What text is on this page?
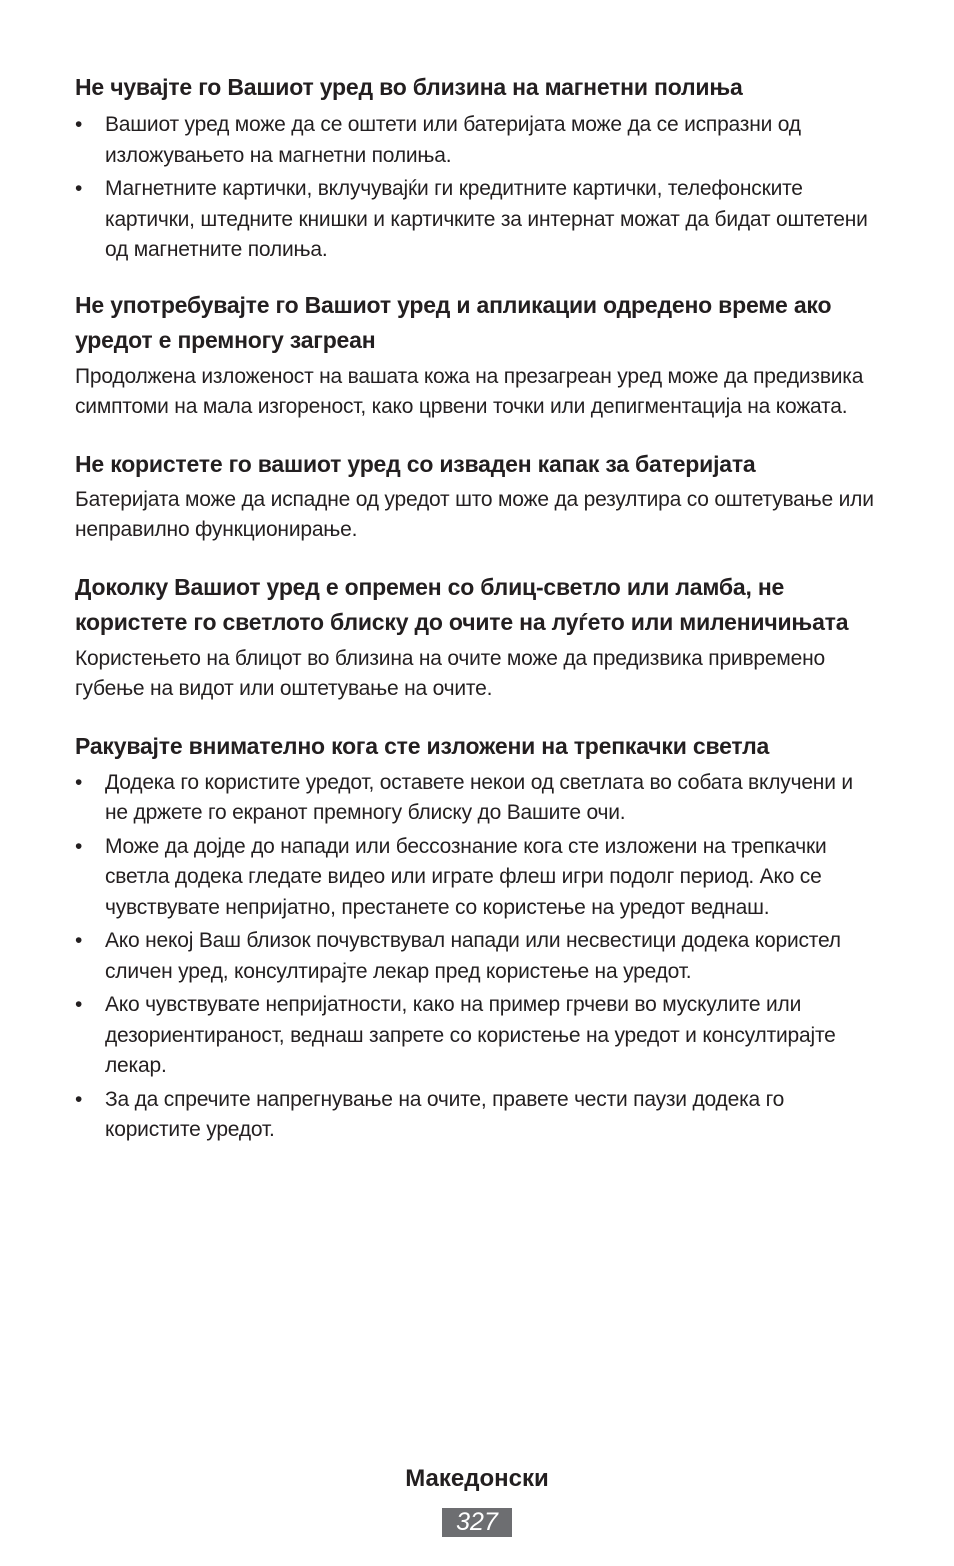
Не чувајте го Вашиот уред во близина на магнетни полиња
• Вашиот уред може да се оштети или батеријата може да се испразни од изложувањето на магнетни полиња.
• Магнетните картички, вклучувајќи ги кредитните картички, телефонските картички, штедните книшки и картичките за интернат можат да бидат оштетени од магнетните полиња.
Не употребувајте го Вашиот уред и апликации одредено време ако уредот е премногу загреан

Продолжена изложеност на вашата кожа на презагреан уред може да предизвика симптоми на мала изгореност, како црвени точки или депигментација на кожата.

Не користете го вашиот уред со изваден капак за батеријата

Батеријата може да испадне од уредот што може да резултира со оштетување или неправилно функционирање.

Доколку Вашиот уред е опремен со блиц-светло или ламба, не користете го светлото блиску до очите на луѓето или миленичињата

Користењето на блицот во близина на очите може да предизвика привремено губење на видот или оштетување на очите.

Ракувајте внимателно кога сте изложени на трепкачки светла
• Додека го користите уредот, оставете некои од светлата во собата вклучени и не држете го екранот премногу блиску до Вашите очи.
• Може да дојде до напади или бессознание кога сте изложени на трепкачки светла додека гледате видео или играте флеш игри подолг период. Ако се чувствувате непријатно, престанете со користење на уредот веднаш.
• Ако некој Ваш близок почувствувал напади или несвестици додека користел сличен уред, консултирајте лекар пред користење на уредот.
• Ако чувствувате непријатности, како на пример грчеви во мускулите или дезориентираност, веднаш запрете со користење на уредот и консултирајте лекар.
• За да спречите напрегнување на очите, правете чести паузи додека го користите уредот.
Македонски
327
